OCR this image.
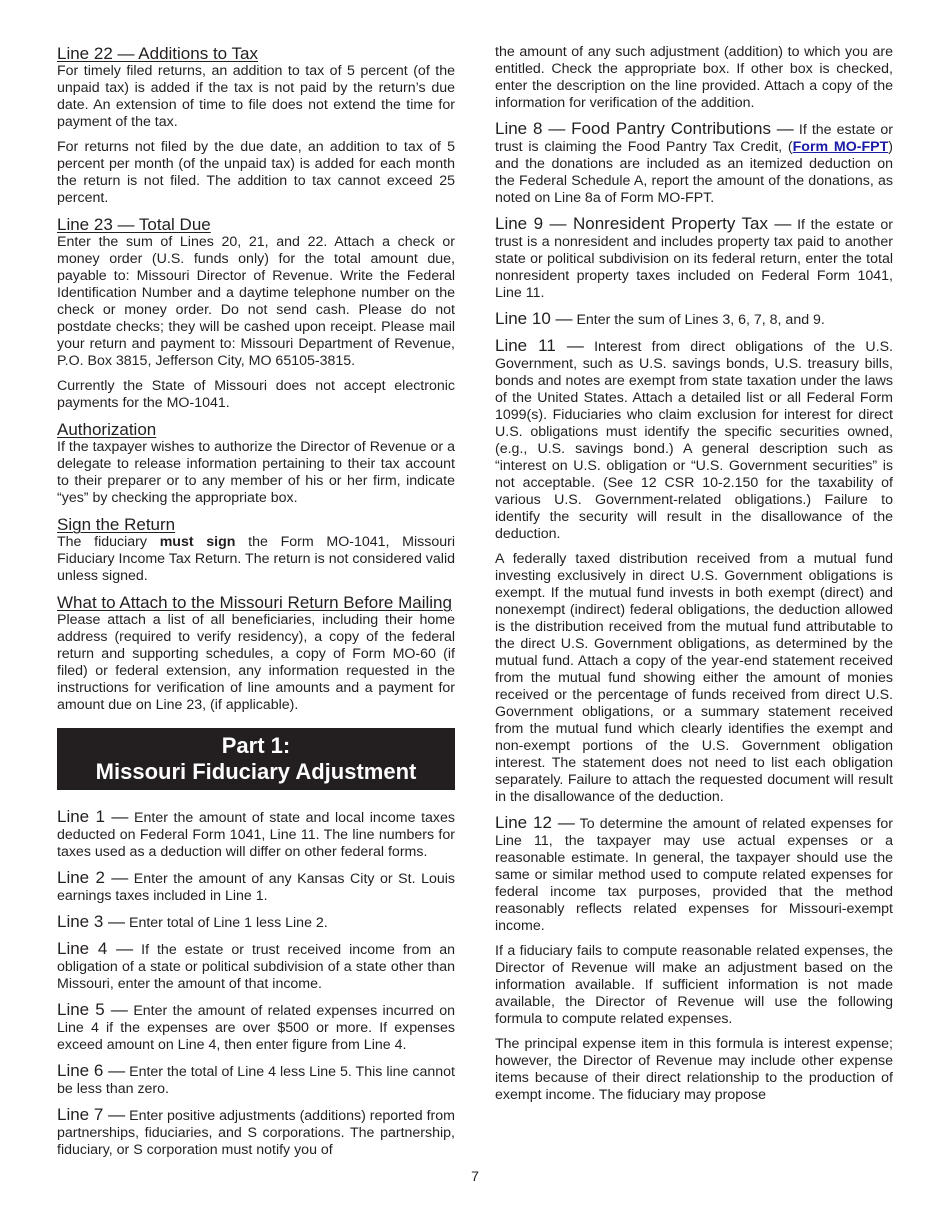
Line 22 — Additions to Tax

For timely filed returns, an addition to tax of 5 percent (of the unpaid tax) is added if the tax is not paid by the return’s due date. An extension of time to file does not extend the time for payment of the tax.

For returns not filed by the due date, an addition to tax of 5 percent per month (of the unpaid tax) is added for each month the return is not filed. The addition to tax cannot exceed 25 percent.

Line 23 — Total Due

Enter the sum of Lines 20, 21, and 22. Attach a check or money order (U.S. funds only) for the total amount due, payable to: Missouri Director of Revenue. Write the Federal Identification Number and a daytime telephone number on the check or money order. Do not send cash. Please do not postdate checks; they will be cashed upon receipt. Please mail your return and payment to: Missouri Department of Revenue, P.O. Box 3815, Jefferson City, MO 65105-3815.

Currently the State of Missouri does not accept electronic payments for the MO-1041.

Authorization

If the taxpayer wishes to authorize the Director of Revenue or a delegate to release information pertaining to their tax account to their preparer or to any member of his or her firm, indicate “yes” by checking the appropriate box.

Sign the Return

The fiduciary must sign the Form MO-1041, Missouri Fiduciary Income Tax Return. The return is not considered valid unless signed.

What to Attach to the Missouri Return Before Mailing

Please attach a list of all beneficiaries, including their home address (required to verify residency), a copy of the federal return and supporting schedules, a copy of Form MO-60 (if filed) or federal extension, any information requested in the instructions for verification of line amounts and a payment for amount due on Line 23, (if applicable).

Part 1:
Missouri Fiduciary Adjustment

Line 1 — Enter the amount of state and local income taxes deducted on Federal Form 1041, Line 11. The line numbers for taxes used as a deduction will differ on other federal forms.

Line 2 — Enter the amount of any Kansas City or St. Louis earnings taxes included in Line 1.

Line 3 — Enter total of Line 1 less Line 2.

Line 4 — If the estate or trust received income from an obligation of a state or political subdivision of a state other than Missouri, enter the amount of that income.

Line 5 — Enter the amount of related expenses incurred on Line 4 if the expenses are over $500 or more. If expenses exceed amount on Line 4, then enter figure from Line 4.

Line 6 — Enter the total of Line 4 less Line 5. This line cannot be less than zero.

Line 7 — Enter positive adjustments (additions) reported from partnerships, fiduciaries, and S corporations. The partnership, fiduciary, or S corporation must notify you of

the amount of any such adjustment (addition) to which you are entitled. Check the appropriate box. If other box is checked, enter the description on the line provided. Attach a copy of the information for verification of the addition.

Line 8 — Food Pantry Contributions — If the estate or trust is claiming the Food Pantry Tax Credit, (Form MO-FPT) and the donations are included as an itemized deduction on the Federal Schedule A, report the amount of the donations, as noted on Line 8a of Form MO-FPT.

Line 9 — Nonresident Property Tax — If the estate or trust is a nonresident and includes property tax paid to another state or political subdivision on its federal return, enter the total nonresident property taxes included on Federal Form 1041, Line 11.

Line 10 — Enter the sum of Lines 3, 6, 7, 8, and 9.

Line 11 — Interest from direct obligations of the U.S. Government, such as U.S. savings bonds, U.S. treasury bills, bonds and notes are exempt from state taxation under the laws of the United States. Attach a detailed list or all Federal Form 1099(s). Fiduciaries who claim exclusion for interest for direct U.S. obligations must identify the specific securities owned, (e.g., U.S. savings bond.) A general description such as “interest on U.S. obligation or “U.S. Government securities” is not acceptable. (See 12 CSR 10-2.150 for the taxability of various U.S. Government-related obligations.) Failure to identify the security will result in the disallowance of the deduction.

A federally taxed distribution received from a mutual fund investing exclusively in direct U.S. Government obligations is exempt. If the mutual fund invests in both exempt (direct) and nonexempt (indirect) federal obligations, the deduction allowed is the distribution received from the mutual fund attributable to the direct U.S. Government obligations, as determined by the mutual fund. Attach a copy of the year-end statement received from the mutual fund showing either the amount of monies received or the percentage of funds received from direct U.S. Government obligations, or a summary statement received from the mutual fund which clearly identifies the exempt and non-exempt portions of the U.S. Government obligation interest. The statement does not need to list each obligation separately. Failure to attach the requested document will result in the disallowance of the deduction.

Line 12 — To determine the amount of related expenses for Line 11, the taxpayer may use actual expenses or a reasonable estimate. In general, the taxpayer should use the same or similar method used to compute related expenses for federal income tax purposes, provided that the method reasonably reflects related expenses for Missouri-exempt income.

If a fiduciary fails to compute reasonable related expenses, the Director of Revenue will make an adjustment based on the information available. If sufficient information is not made available, the Director of Revenue will use the following formula to compute related expenses.

The principal expense item in this formula is interest expense; however, the Director of Revenue may include other expense items because of their direct relationship to the production of exempt income. The fiduciary may propose

7
